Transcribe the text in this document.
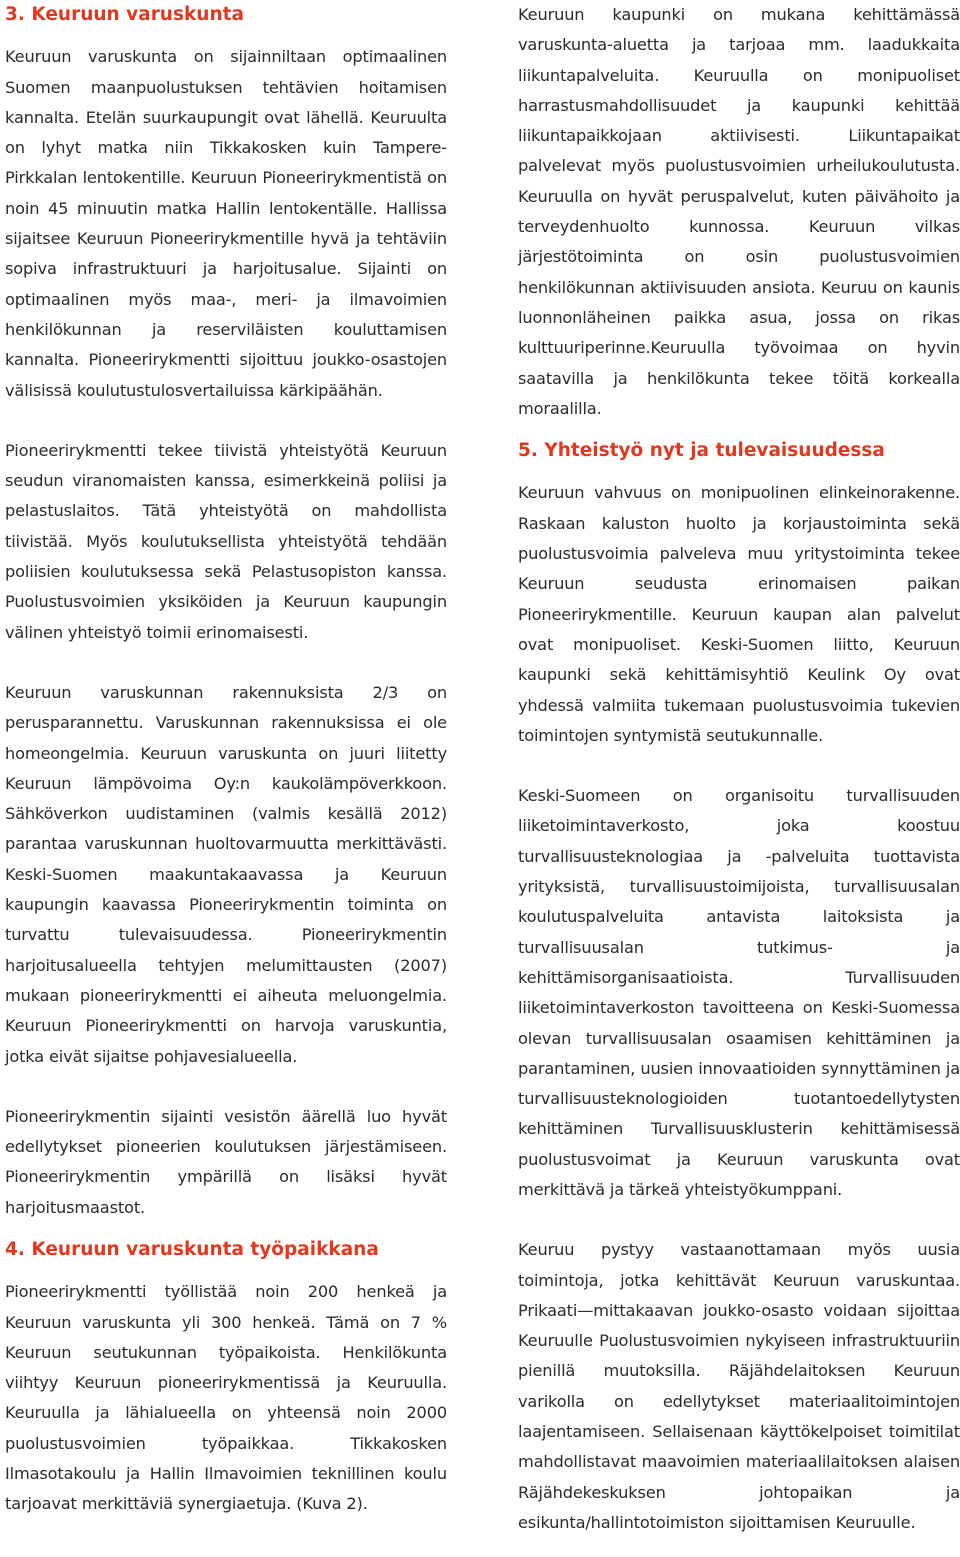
3. Keuruun varuskunta

Keuruun varuskunta on sijainniltaan optimaalinen Suomen maanpuolustuksen tehtävien hoitamisen kannalta. Etelän suurkaupungit ovat lähellä. Keuruulta on lyhyt matka niin Tikkakosken kuin Tampere-Pirkkalan lentokentille. Keuruun Pioneerirykmentistä on noin 45 minuutin matka Hallin lentokentälle. Hallissa sijaitsee Keuruun Pioneerirykmentille hyvä ja tehtäviin sopiva infrastruktuuri ja harjoitusalue. Sijainti on optimaalinen myös maa-, meri- ja ilmavoimien henkilökunnan ja reserviläisten kouluttamisen kannalta. Pioneerirykmentti sijoittuu joukko-osastojen välisissä koulutustulosvertailuissa kärkipäähän.

Pioneerirykmentti tekee tiivistä yhteistyötä Keuruun seudun viranomaisten kanssa, esimerkkeinä poliisi ja pelastuslaitos. Tätä yhteistyötä on mahdollista tiivistää. Myös koulutuksellista yhteistyötä tehdään poliisien koulutuksessa sekä Pelastusopiston kanssa. Puolustusvoimien yksiköiden ja Keuruun kaupungin välinen yhteistyö toimii erinomaisesti.

Keuruun varuskunnan rakennuksista 2/3 on perusparannettu. Varuskunnan rakennuksissa ei ole homeongelmia. Keuruun varuskunta on juuri liitetty Keuruun lämpövoima Oy:n kaukolämpöverkkoon. Sähköverkon uudistaminen (valmis kesällä 2012) parantaa varuskunnan huoltovarmuutta merkittävästi. Keski-Suomen maakuntakaavassa ja Keuruun kaupungin kaavassa Pioneerirykmentin toiminta on turvattu tulevaisuudessa. Pioneerirykmentin harjoitusalueella tehtyjen melumittausten (2007) mukaan pioneerirykmentti ei aiheuta meluongelmia. Keuruun Pioneerirykmentti on harvoja varuskuntia, jotka eivät sijaitse pohjavesialueella.

Pioneerirykmentin sijainti vesistön äärellä luo hyvät edellytykset pioneerien koulutuksen järjestämiseen. Pioneerirykmentin ympärillä on lisäksi hyvät harjoitusmaastot.

4. Keuruun varuskunta työpaikkana

Pioneerirykmentti työllistää noin 200 henkeä ja Keuruun varuskunta yli 300 henkeä. Tämä on 7 % Keuruun seutukunnan työpaikoista. Henkilökunta viihtyy Keuruun pioneerirykmentissä ja Keuruulla. Keuruulla ja lähialueella on yhteensä noin 2000 puolustusvoimien työpaikkaa. Tikkakosken Ilmasotakoulu ja Hallin Ilmavoimien teknillinen koulu tarjoavat merkittäviä synergiaetuja. (Kuva 2).

Keuruun kaupunki on mukana kehittämässä varuskunta-aluetta ja tarjoaa mm. laadukkaita liikuntapalveluita. Keuruulla on monipuoliset harrastusmahdollisuudet ja kaupunki kehittää liikuntapaikkojaan aktiivisesti. Liikuntapaikat palvelevat myös puolustusvoimien urheilukoulutusta. Keuruulla on hyvät peruspalvelut, kuten päivähoito ja terveydenhuolto kunnossa. Keuruun vilkas järjestötoiminta on osin puolustusvoimien henkilökunnan aktiivisuuden ansiota. Keuruu on kaunis luonnonläheinen paikka asua, jossa on rikas kulttuuriperinne.Keuruulla työvoimaa on hyvin saatavilla ja henkilökunta tekee töitä korkealla moraalilla.

5. Yhteistyö nyt ja tulevaisuudessa

Keuruun vahvuus on monipuolinen elinkeinorakenne. Raskaan kaluston huolto ja korjaustoiminta sekä puolustusvoimia palveleva muu yritystoiminta tekee Keuruun seudusta erinomaisen paikan Pioneerirykmentille. Keuruun kaupan alan palvelut ovat monipuoliset. Keski-Suomen liitto, Keuruun kaupunki sekä kehittämisyhtiö Keulink Oy ovat yhdessä valmiita tukemaan puolustusvoimia tukevien toimintojen syntymistä seutukunnalle.

Keski-Suomeen on organisoitu turvallisuuden liiketoimintaverkosto, joka koostuu turvallisuusteknologiaa ja -palveluita tuottavista yrityksistä, turvallisuustoimijoista, turvallisuusalan koulutuspalveluita antavista laitoksista ja turvallisuusalan tutkimus- ja kehittämisorganisaatioista. Turvallisuuden liiketoimintaverkoston tavoitteena on Keski-Suomessa olevan turvallisuusalan osaamisen kehittäminen ja parantaminen, uusien innovaatioiden synnyttäminen ja turvallisuusteknologioiden tuotantoedellytysten kehittäminen Turvallisuusklusterin kehittämisessä puolustusvoimat ja Keuruun varuskunta ovat merkittävä ja tärkeä yhteistyökumppani.

Keuruu pystyy vastaanottamaan myös uusia toimintoja, jotka kehittävät Keuruun varuskuntaa. Prikaati—mittakaavan joukko-osasto voidaan sijoittaa Keuruulle Puolustusvoimien nykyiseen infrastruktuuriin pienillä muutoksilla. Räjähdelaitoksen Keuruun varikolla on edellytykset materiaalitoimintojen laajentamiseen. Sellaisenaan käyttökelpoiset toimitilat mahdollistavat maavoimien materiaalilaitoksen alaisen Räjähdekeskuksen johtopaikan ja esikunta/hallintotoimiston sijoittamisen Keuruulle.
